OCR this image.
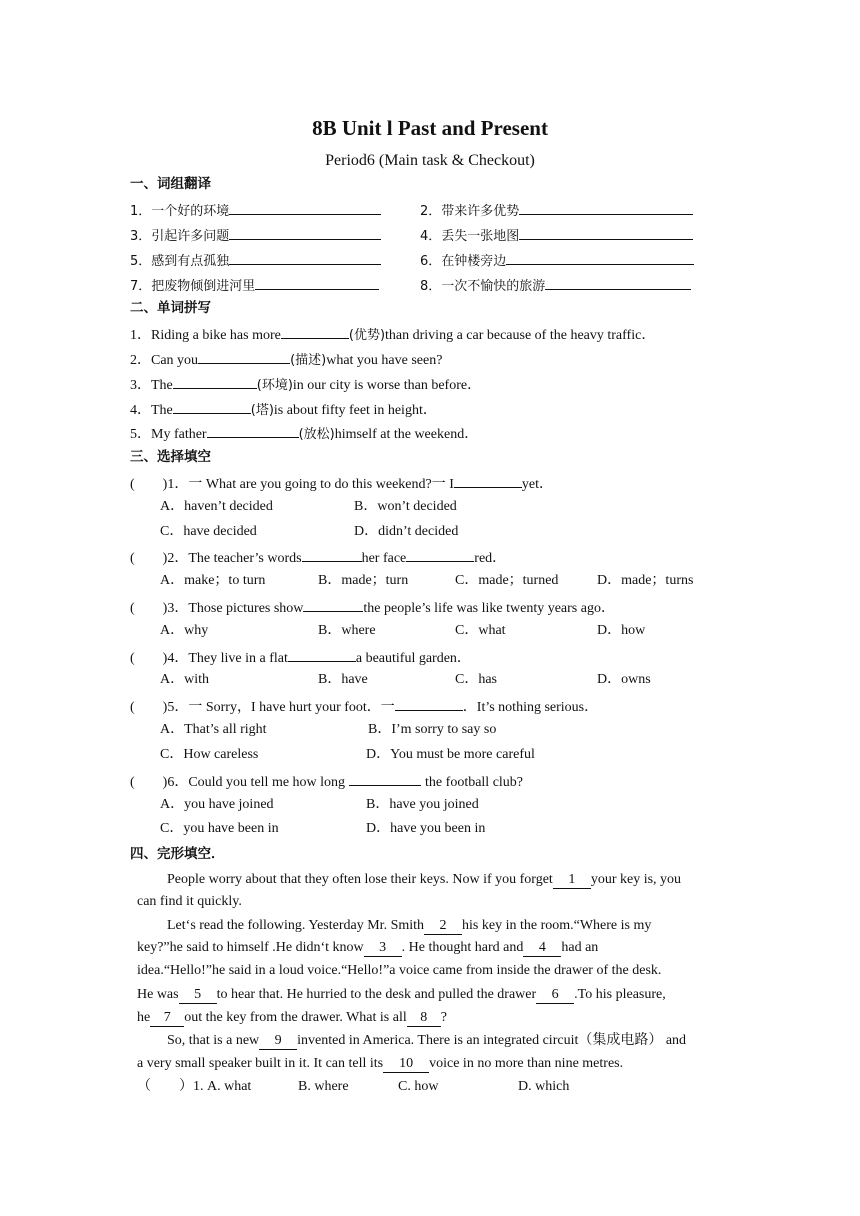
8B Unit l Past and Present
Period6 (Main task & Checkout)
一、词组翻译
1．一个好的环境	2．带来许多优势
3．引起许多问题	4．丢失一张地图
5．感到有点孤独	6．在钟楼旁边
7．把废物倾倒进河里	8．一次不愉快的旅游
二、单词拼写
1．Riding a bike has more	(优势)than driving a car because of the heavy traffic．
2．Can you	(描述)what you have seen?
3．The	(环境)in our city is worse than before．
4．The	(塔)is about fifty feet in height．
5．My father	(放松)himself at the weekend．
三、选择填空
(　　)1．一 What are you going to do this weekend?一 I	yet．
A．haven’t decided	B．won’t decided
C．have decided	D．didn’t decided
(　　)2．The teacher’s words	her face	red．
A．make；to turn	B．made；turn	C．made；turned	D．made；turns
(　　)3．Those pictures show	the people’s life was like twenty years ago．
A．why	B．where	C．what	D．how
(　　)4．They live in a flat	a beautiful garden．
A．with	B．have	C．has	D．owns
(　　)5．一 Sorry，I have hurt your foot．一	．It’s nothing serious．
A．That’s all right	B．I’m sorry to say so
C．How careless	D．You must be more careful
(　　)6．Could you tell me how long	the football club?
A．you have joined	B．have you joined
C．you have been in	D．have you been in
四、完形填空．
People worry about that they often lose their keys. Now if you forget 1 your key is, you
can find it quickly.
Let‘s read the following. Yesterday Mr. Smith 2 his key in the room.“Where is my
key?”he said to himself .He didn‘t know 3 . He thought hard and 4 had an
idea.“Hello!”he said in a loud voice.“Hello!”a voice came from inside the drawer of the desk.
He was 5 to hear that. He hurried to the desk and pulled the drawer 6 .To his pleasure,
he 7 out the key from the drawer. What is all 8 ?
So, that is a new 9 invented in America. There is an integrated circuit（集成电路） and
a very small speaker built in it. It can tell its 10 voice in no more than nine metres.
（　　）1. A. what	B. where	C. how	D. which
